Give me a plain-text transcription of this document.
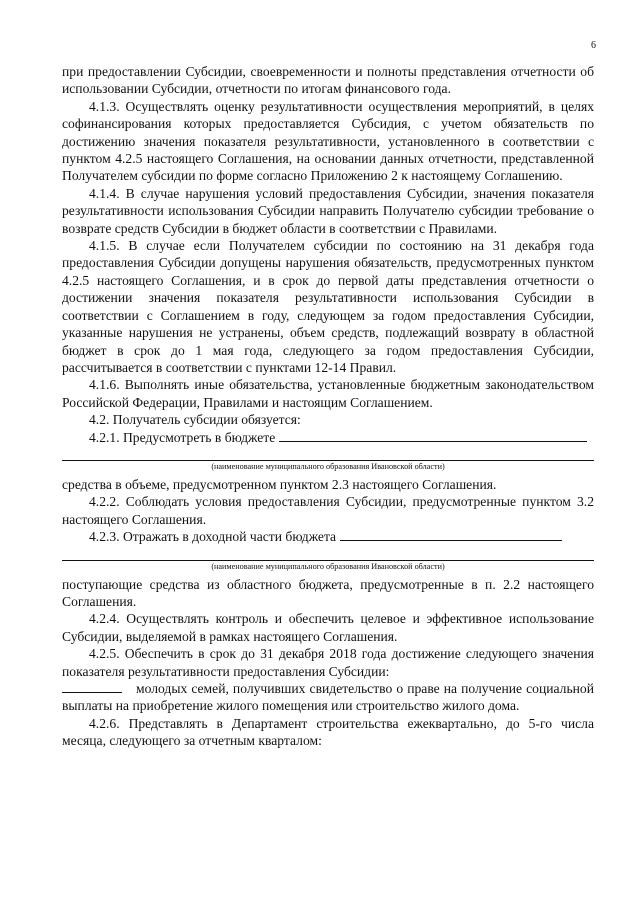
6

при предоставлении Субсидии, своевременности и полноты представления отчетности об использовании Субсидии, отчетности по итогам финансового года.

4.1.3. Осуществлять оценку результативности осуществления мероприятий, в целях софинансирования которых предоставляется Субсидия, с учетом обязательств по достижению значения показателя результативности, установленного в соответствии с пунктом 4.2.5 настоящего Соглашения, на основании данных отчетности, представленной Получателем субсидии по форме согласно Приложению 2 к настоящему Соглашению.

4.1.4. В случае нарушения условий предоставления Субсидии, значения показателя результативности использования Субсидии направить Получателю субсидии требование о возврате средств Субсидии в бюджет области в соответствии с Правилами.

4.1.5. В случае если Получателем субсидии по состоянию на 31 декабря года предоставления Субсидии допущены нарушения обязательств, предусмотренных пунктом 4.2.5 настоящего Соглашения, и в срок до первой даты представления отчетности о достижении значения показателя результативности использования Субсидии в соответствии с Соглашением в году, следующем за годом предоставления Субсидии, указанные нарушения не устранены, объем средств, подлежащий возврату в областной бюджет в срок до 1 мая года, следующего за годом предоставления Субсидии, рассчитывается в соответствии с пунктами 12-14 Правил.

4.1.6. Выполнять иные обязательства, установленные бюджетным законодательством Российской Федерации, Правилами и настоящим Соглашением.

4.2. Получатель субсидии обязуется:

4.2.1. Предусмотреть в бюджете

(наименование муниципального образования Ивановской области)

средства в объеме, предусмотренном пунктом 2.3 настоящего Соглашения.

4.2.2. Соблюдать условия предоставления Субсидии, предусмотренные пунктом 3.2 настоящего Соглашения.

4.2.3. Отражать в доходной части бюджета

(наименование муниципального образования Ивановской области)

поступающие средства из областного бюджета, предусмотренные в п. 2.2 настоящего Соглашения.

4.2.4. Осуществлять контроль и обеспечить целевое и эффективное использование Субсидии, выделяемой в рамках настоящего Соглашения.

4.2.5. Обеспечить в срок до 31 декабря 2018 года достижение следующего значения показателя результативности предоставления Субсидии:

молодых семей, получивших свидетельство о праве на получение социальной выплаты на приобретение жилого помещения или строительство жилого дома.

4.2.6. Представлять в Департамент строительства ежеквартально, до 5-го числа месяца, следующего за отчетным кварталом:
